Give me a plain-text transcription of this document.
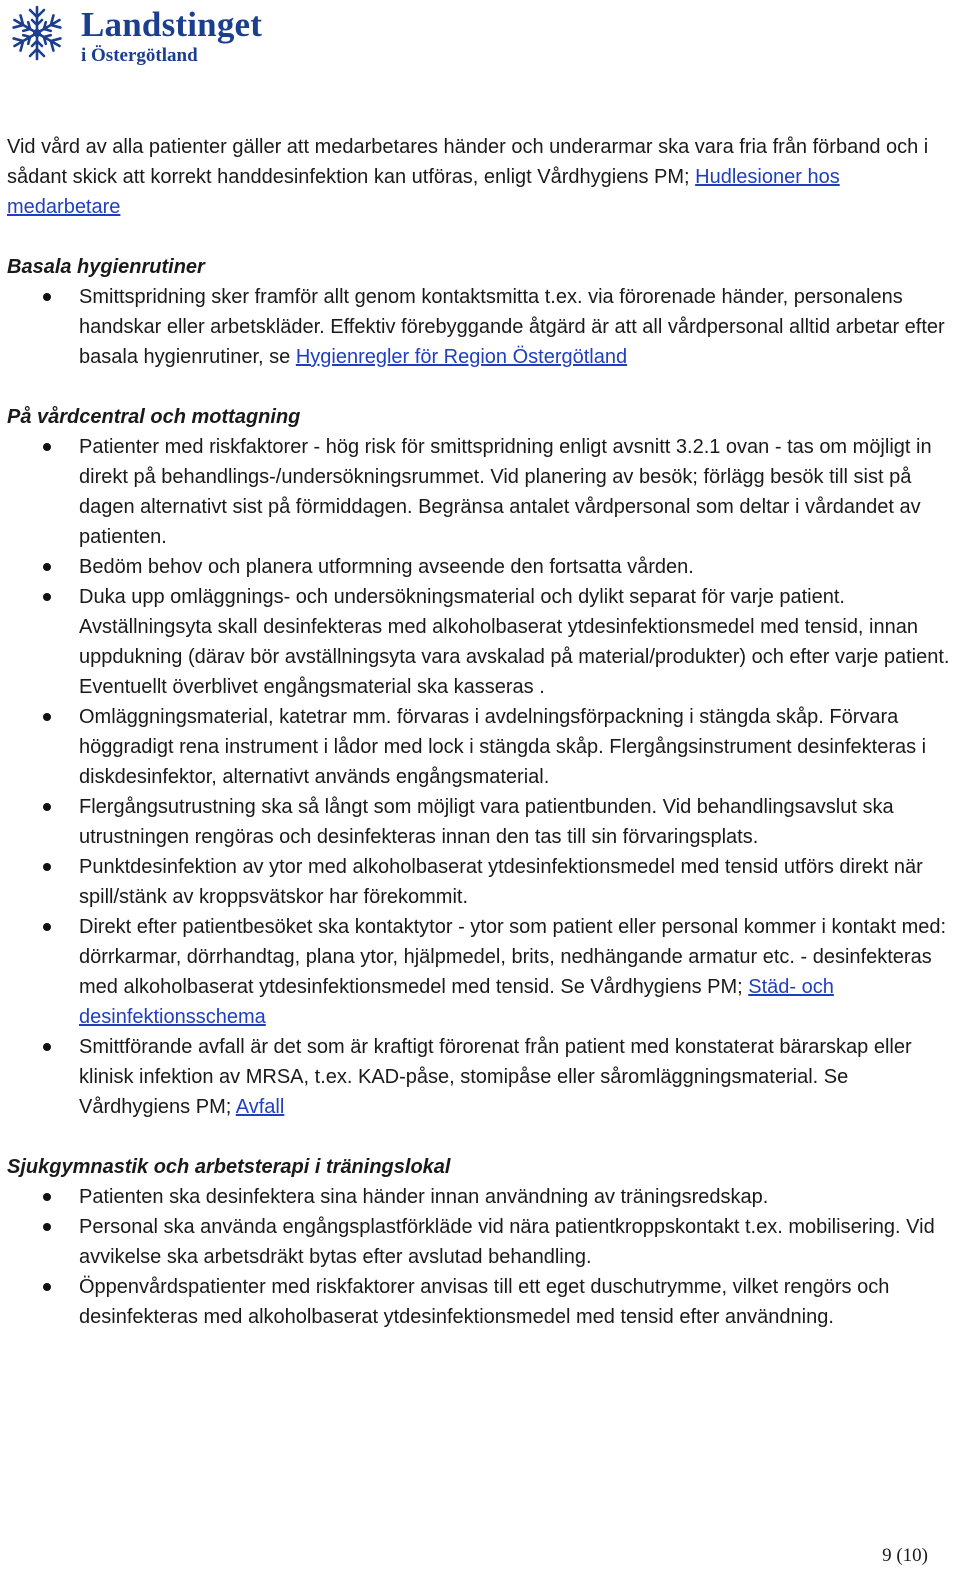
Landstinget

i Östergötland

Vid vård av alla patienter gäller att medarbetares händer och underarmar ska vara fria från förband och i sådant skick att korrekt handdesinfektion kan utföras, enligt Vårdhygiens PM; Hudlesioner hos medarbetare

Basala hygienrutiner
Smittspridning sker framför allt genom kontaktsmitta t.ex. via förorenade händer, personalens handskar eller arbetskläder. Effektiv förebyggande åtgärd är att all vårdpersonal alltid arbetar efter basala hygienrutiner, se Hygienregler för Region Östergötland
På vårdcentral och mottagning
Patienter med riskfaktorer - hög risk för smittspridning enligt avsnitt 3.2.1 ovan - tas om möjligt in direkt på behandlings-/undersökningsrummet. Vid planering av besök; förlägg besök till sist på dagen alternativt sist på förmiddagen. Begränsa antalet vårdpersonal som deltar i vårdandet av patienten.
Bedöm behov och planera utformning avseende den fortsatta vården.
Duka upp omläggnings- och undersökningsmaterial och dylikt separat för varje patient. Avställningsyta skall desinfekteras med alkoholbaserat ytdesinfektionsmedel med tensid, innan uppdukning (därav bör avställningsyta vara avskalad på material/produkter) och efter varje patient. Eventuellt överblivet engångsmaterial ska kasseras .
Omläggningsmaterial, katetrar mm. förvaras i avdelningsförpackning i stängda skåp. Förvara höggradigt rena instrument i lådor med lock i stängda skåp. Flergångsinstrument desinfekteras i diskdesinfektor, alternativt används engångsmaterial.
Flergångsutrustning ska så långt som möjligt vara patientbunden. Vid behandlingsavslut ska utrustningen rengöras och desinfekteras innan den tas till sin förvaringsplats.
Punktdesinfektion av ytor med alkoholbaserat ytdesinfektionsmedel med tensid utförs direkt när spill/stänk av kroppsvätskor har förekommit.
Direkt efter patientbesöket ska kontaktytor - ytor som patient eller personal kommer i kontakt med: dörrkarmar, dörrhandtag, plana ytor, hjälpmedel, brits, nedhängande armatur etc. - desinfekteras med alkoholbaserat ytdesinfektionsmedel med tensid. Se Vårdhygiens PM; Städ- och desinfektionsschema
Smittförande avfall är det som är kraftigt förorenat från patient med konstaterat bärarskap eller klinisk infektion av MRSA, t.ex. KAD-påse, stomipåse eller såromläggningsmaterial. Se Vårdhygiens PM; Avfall
Sjukgymnastik och arbetsterapi i träningslokal
Patienten ska desinfektera sina händer innan användning av träningsredskap.
Personal ska använda engångsplastförkläde vid nära patientkroppskontakt t.ex. mobilisering. Vid avvikelse ska arbetsdräkt bytas efter avslutad behandling.
Öppenvårdspatienter med riskfaktorer anvisas till ett eget duschutrymme, vilket rengörs och desinfekteras med alkoholbaserat ytdesinfektionsmedel med tensid efter användning.

9 (10)
